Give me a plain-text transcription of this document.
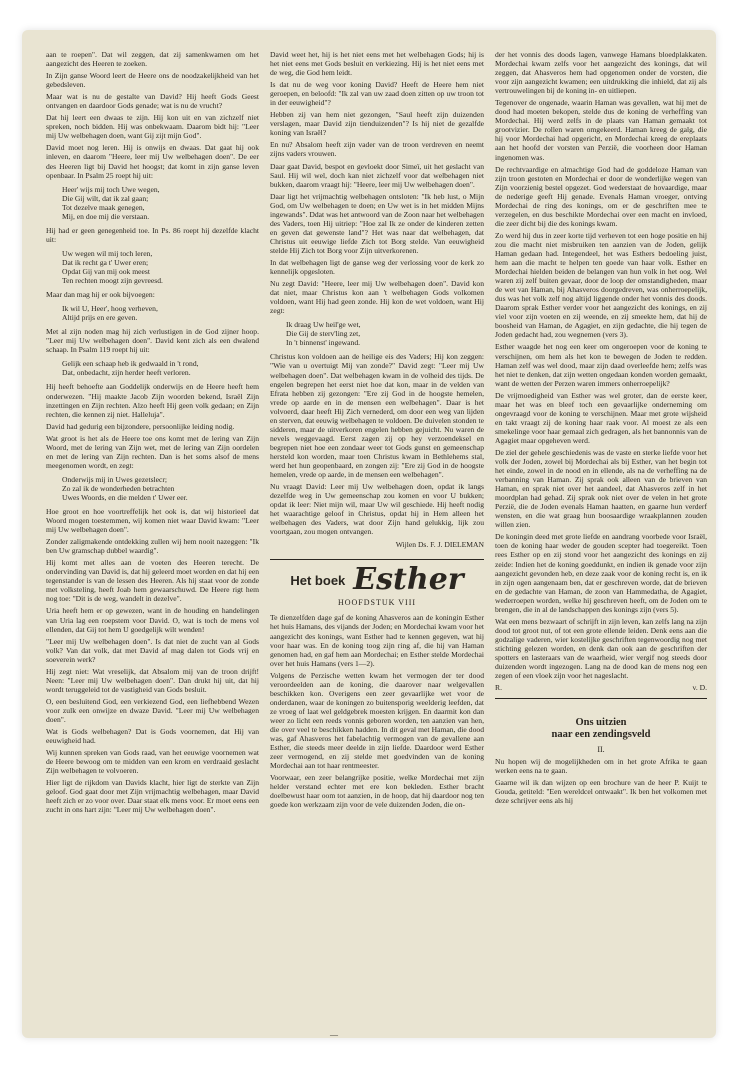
aan te roepen". Dat wil zeggen, dat zij samenkwamen om het aangezicht des Heeren te zoeken.

In Zijn ganse Woord leert de Heere ons de noodzakelijkheid van het gebedsleven.

Maar wat is nu de gestalte van David? Hij heeft Gods Geest ontvangen en daardoor Gods genade; wat is nu de vrucht?

Dat hij leert een dwaas te zijn. Hij kon uit en van zichzelf niet spreken, noch bidden. Hij was onbekwaam. Daarom bidt hij: "Leer mij Uw welbehagen doen, want Gij zijt mijn God".

David moet nog leren. Hij is onwijs en dwaas. Dat gaat hij ook inleven, en daarom "Heere, leer mij Uw welbehagen doen". De eer des Heeren ligt bij David het hoogst; dat komt in zijn ganse leven openbaar. In Psalm 25 roept hij uit:

Heer' wijs mij toch Uwe wegen,
Die Gij wilt, dat ik zal gaan;
Tot dezelve maak genegen,
Mij, en doe mij die verstaan.

Hij had er geen genegenheid toe. In Ps. 86 roept hij dezelfde klacht uit:

Uw wegen wil mij toch leren,
Dat ik recht ga t' Uwer eren;
Opdat Gij van mij ook meest
Ten rechten moogt zijn gevreesd.

Maar dan mag hij er ook bijvoegen:

Ik wil U, Heer', hoog verheven,
Altijd prijs en ere geven.

Met al zijn noden mag hij zich verlustigen in de God zijner hoop. "Leer mij Uw welbehagen doen". David kent zich als een dwalend schaap. In Psalm 119 roept hij uit:

Gelijk een schaap heb ik gedwaald in 't rond,
Dat, onbedacht, zijn herder heeft verloren.

Hij heeft behoefte aan Goddelijk onderwijs en de Heere heeft hem onderwezen. "Hij maakte Jacob Zijn woorden bekend, Israël Zijn inzettingen en Zijn rechten. Alzo heeft Hij geen volk gedaan; en Zijn rechten, die kennen zij niet. Halleluja".

David had gedurig een bijzondere, persoonlijke leiding nodig.

Wat groot is het als de Heere toe ons komt met de lering van Zijn Woord, met de lering van Zijn wet, met de lering van Zijn oordelen en met de lering van Zijn rechten. Dan is het soms alsof de mens meegenomen wordt, en zegt:

Onderwijs mij in Uwes gezetslecr;
Zo zal ik de wonderheden betrachten
Uwes Woords, en die melden t' Uwer eer.

Hoe groot en hoe voortreffelijk het ook is, dat wij historieel dat Woord mogen toestemmen, wij komen niet waar David kwam: "Leer mij Uw welbehagen doen".

Zonder zaligmakende ontdekking zullen wij hem nooit nazeggen: "Ik ben Uw gramschap dubbel waardig".

Hij komt met alles aan de voeten des Heeren terecht. De ondervinding van David is, dat hij geleerd moet worden en dat hij een tegenstander is van de lessen des Heeren. Als hij staat voor de zonde met volksteling, heeft Joab hem gewaarschuwd. De Heere rigt hem nog toe: "Dit is de weg, wandelt in dezelve".

Uria heeft hem er op gewezen, want in de houding en handelingen van Uria lag een roepstem voor David. O, wat is toch de mens vol ellenden, dat Gij tot hem U goedgelijk wilt wenden!

"Leer mij Uw welbehagen doen". Is dat niet de zucht van al Gods volk? Van dat volk, dat met David af mag dalen tot Gods vrij en soeverein werk?

Hij zegt niet: Wat vreselijk, dat Absalom mij van de troon drijft! Neen: "Leer mij Uw welbehagen doen". Dan drukt hij uit, dat hij wordt teruggeleid tot de vastigheid van Gods besluit.

O, een besluitend God, een verkiezend God, een liefhebbend Wezen voor zulk een onwijze en dwaze David. "Leer mij Uw welbehagen doen".

Wat is Gods welbehagen? Dat is Gods voornemen, dat Hij van eeuwigheid had.

Wij kunnen spreken van Gods raad, van het eeuwige voornemen wat de Heere bewoog om te midden van een krom en verdraaid geslacht Zijn welbehagen te volvoeren.

Hier ligt de rijkdom van Davids klacht, hier ligt de sterkte van Zijn geloof. God gaat door met Zijn vrijmachtig welbehagen, maar David heeft zich er zo voor over. Daar staat elk mens voor. Er moet eens een zucht in ons hart zijn: "Leer mij Uw welbehagen doen".

David weet het, hij is het niet eens met het welbehagen Gods; hij is het niet eens met Gods besluit en verkiezing. Hij is het niet eens met de weg, die God hem leidt.

Is dat nu de weg voor koning David? Heeft de Heere hem niet geroepen, en beloofd: "Ik zal van uw zaad doen zitten op uw troon tot in der eeuwigheid"?

Hebben zij van hem niet gezongen, "Saul heeft zijn duizenden verslagen, maar David zijn tienduizenden"? Is hij niet de gezalfde koning van Israël?

En nu? Absalom heeft zijn vader van de troon verdreven en neemt zijns vaders vrouwen.

Daar gaat David, bespot en gevloekt door Simeï, uit het geslacht van Saul. Hij wil wel, doch kan niet zichzelf voor dat welbehagen niet bukken, daarom vraagt hij: "Heere, leer mij Uw welbehagen doen".

Daar ligt het vrijmachtig welbehagen ontsloten: "Ik heb lust, o Mijn God, om Uw welbehagen te doen; en Uw wet is in het midden Mijns ingewands". Ddat was het antwoord van de Zoon naar het welbehagen des Vaders, toen Hij uitriep: "Hoe zal Ik ze onder de kinderen zetten en geven dat gewenste land"? Het was naar dat welbehagen, dat Christus uit eeuwige liefde Zich tot Borg stelde. Van eeuwigheid stelde Hij Zich tot Borg voor Zijn uitverkorenen.

In dat welbehagen ligt de ganse weg der verlossing voor de kerk zo kennelijk opgesloten.

Nu zegt David: "Heere, leer mij Uw welbehagen doen". David kon dat niet, maar Christus kon aan 't welbehagen Gods volkomen voldoen, want Hij had geen zonde. Hij kon de wet voldoen, want Hij zegt:

Ik draag Uw heil'ge wet,
Die Gij de sterv'ling zet,
In 't binnenst' ingewand.

Christus kon voldoen aan de heilige eis des Vaders; Hij kon zeggen: "Wie van u overtuigt Mij van zonde?" David zegt: "Leer mij Uw welbehagen doen". Dat welbehagen kwam in de volheid des tijds. De engelen begrepen het eerst niet hoe dat kon, maar in de velden van Efrata hebben zij gezongen: "Ere zij God in de hoogste hemelen, vrede op aarde en in de mensen een welbehagen". Daar is het volvoerd, daar heeft Hij Zich vernederd, om door een weg van lijden en sterven, dat eeuwig welbehagen te voldoen. De duivelen stonden te sidderen, maar de uitverkoren engelen hebben gejuicht. Nu waren de nevels weggevaagd. Eerst zagen zij op hey verzoendeksel en begrepen niet hoe een zondaar weer tot Gods gunst en gemeenschap hersteld kon worden, maar toen Christus kwam in Bethlehems stal, werd het hun geopenbaard, en zongen zij: "Ere zij God in de hoogste hemelen, vrede op aarde, in de mensen een welbehagen".

Nu vraagt David: Leer mij Uw welbehagen doen, opdat ik langs dezelfde weg in Uw gemeenschap zou komen en voor U bukken; opdat ik leer: Niet mijn wil, maar Uw wil geschiede. Hij heeft nodig het waarachtige geloof in Christus, opdat hij in Hem alleen het welbehagen des Vaders, wat door Zijn hand gelukkig, lijk zou voortgaan, zou mogen ontvangen.

Wijlen Ds. F. J. DIELEMAN

Het boek Esther
HOOFDSTUK VIII

Te dienzelfden dage gaf de koning Ahasveros aan de koningin Esther het huis Hamans, des vijands der Joden; en Mordechai kwam voor het aangezicht des konings, want Esther had te kennen gegeven, wat hij voor haar was. En de koning toog zijn ring af, die hij van Haman genomen had, en gaf hem aan Mordechai; en Esther stelde Mordechai over het huis Hamans (vers 1—2).

Volgens de Perzische wetten kwam het vermogen der ter dood veroordeelden aan de koning, die daarover naar welgevallen beschikken kon. Overigens een zeer gevaarlijke wet voor de onderdanen, waar de koningen zo buitensporig weelderig leefden, dat ze vroeg of laat wel geldgebrek moesten krijgen. En daarmit kon dan weer zo licht een reeds vonnis geboren worden, ten aanzien van hen, die over veel te beschikken hadden. In dit geval met Haman, die dood was, gaf Ahasveros het fabelachtig vermogen van de gevallene aan Esther, die steeds meer deelde in zijn liefde. Daardoor werd Esther zeer vermogend, en zij stelde met goedvinden van de koning Mordechai aan tot haar rentmeester.

Voorwaar, een zeer belangrijke positie, welke Mordechai met zijn helder verstand echter met ere kon bekleden. Esther bracht doelbewust haar oom tot aanzien, in de hoop, dat hij daardoor nog ten goede kon werkzaam zijn voor de vele duizenden Joden, die on-

der het vonnis des doods lagen, vanwege Hamans bloedplakkaten. Mordechai kwam zelfs voor het aangezicht des konings, dat wil zeggen, dat Ahasveros hem had opgenomen onder de vorsten, die voor zijn aangezicht kwamen; een uitdrukking die inhield, dat zij als vertrouwelingen bij de koning in- en uitliepen.

Tegenover de ongenade, waarin Haman was gevallen, wat hij met de dood had moeten bekopen, stelde dus de koning de verheffing van Mordechai. Hij werd zelfs in de plaats van Haman gemaakt tot grootvizier. De rollen waren omgekeerd. Haman kreeg de galg, die hij voor Mordechai had opgericht, en Mordechai kreeg de ereplaats aan het hoofd der vorsten van Perzië, die voorheen door Haman ingenomen was.

De rechtvaardige en almachtige God had de goddeloze Haman van zijn troon gestoten en Mordechai er door de wonderlijke wegen van Zijn voorzienig bestel opgezet. God wederstaat de hovaardige, maar de nederige geeft Hij genade. Evenals Haman vroeger, ontving Mordechai de ring des konings, om er de geschriften mee te verzegelen, en dus beschikte Mordechai over een macht en invloed, die zeer dicht bij die des konings kwam.

Zo werd hij dus in zeer korte tijd verheven tot een hoge positie en hij zou die macht niet misbruiken ten aanzien van de Joden, gelijk Haman gedaan had. Integendeel, het was Esthers bedoeling juist, hem aan die macht te helpen ten goede van haar volk. Esther en Mordechai hielden beiden de belangen van hun volk in het oog. Wel waren zij zelf buiten gevaar, door de loop der omstandigheden, maar de wet van Haman, bij Ahasveros doorgedreven, was onherroepelijk, dus was het volk zelf nog altijd liggende onder het vonnis des doods. Daarom sprak Esther verder voor het aangezicht des konings, en zij viel voor zijn voeten en zij weende, en zij smeekte hem, dat hij de boosheid van Haman, de Agagiet, en zijn gedachte, die hij tegen de Joden gedacht had, zou wegnemen (vers 3).

Esther waagde het nog een keer om ongeroepen voor de koning te verschijnen, om hem als het kon te bewegen de Joden te redden. Haman zelf was wel dood, maar zijn daad overleefde hem; zelfs was het niet te denken, dat zijn wetten ongedaan konden worden gemaakt, want de wetten der Perzen waren immers onherroepelijk?

De vrijmoedigheid van Esther was wel groter, dan de eerste keer, maar het was en bleef toch een gevaarlijke onderneming om ongevraagd voor de koning te verschijnen. Maar met grote wijsheid en takt vraagt zij de koning haar raak voor. Al moest ze als een smekelinge voor haar gemaal zich gedragen, als het bannonnis van de Agagiet maar opgeheven werd.

De ziel der gehele geschiedenis was de vaste en sterke liefde voor het volk der Joden, zowel bij Mordechai als bij Esther, van het begin tot het einde, zowel in de nood en in ellende, als na de verheffing na de verbanning van Haman. Zij sprak ook alleen van de brieven van Haman, en sprak niet over het aandeel, dat Ahasveros zelf in het moordplan had gehad. Zij sprak ook niet over de velen in het grote Perzië, die de Joden evenals Haman haatten, en gaarne hun verderf wensten, en die wat graag hun boosaardige wraakplannen zouden willen zien.

De koningin deed met grote liefde en aandrang voorbede voor Israël, toen de koning haar weder de gouden scepter had toegereikt. Toen rees Esther op en zij stond voor het aangezicht des konings en zij zeide: Indien het de koning goeddunkt, en indien ik genade voor zijn aangezicht gevonden heb, en deze zaak voor de koning recht is, en ik in zijn ogen aangenaam ben, dat er geschreven worde, dat de brieven en de gedachte van Haman, de zoon van Hammedatha, de Agagiet, wederroepen worden, welke hij geschreven heeft, om de Joden om te brengen, die in al de landschappen des konings zijn (vers 5).

Wat een mens bezwaart of schrijft in zijn leven, kan zelfs lang na zijn dood tot groot nut, of tot een grote ellende leiden. Denk eens aan die godzalige vaderen, wier kostelijke geschriften tegenwoordig nog met stichting gelezen worden, en denk dan ook aan de geschriften der spotters en lasteraars van de waarheid, wier vergif nog steeds door duizenden wordt ingezogen. Lang na de dood kan de mens nog een zegen of een vloek zijn voor het nageslacht.

R.	v. D.
Ons uitzien
naar een zendingsveld
II.

Nu hopen wij de mogelijkheden om in het grote Afrika te gaan werken eens na te gaan.

Gaarne wil ik dan wijzen op een brochure van de heer P. Kuijt te Gouda, getiteld: "Een wereldcel ontwaakt". Ik ben het volkomen met deze schrijver eens als hij

—
